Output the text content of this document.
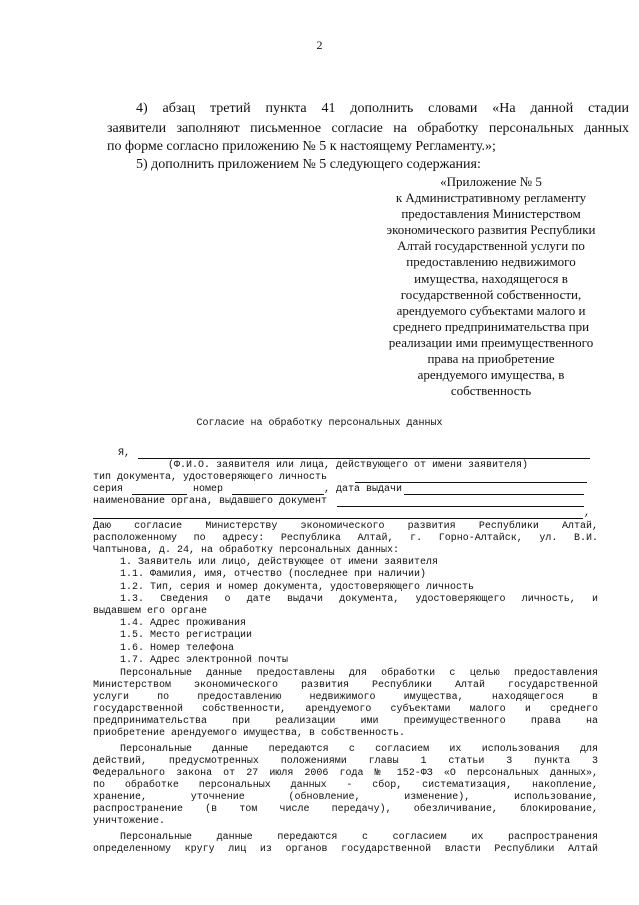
2
4) абзац третий пункта 41 дополнить словами «На данной стадии
заявители заполняют письменное согласие на обработку персональных данных
по форме согласно приложению № 5 к настоящему Регламенту.»;
5) дополнить приложением № 5 следующего содержания:
«Приложение № 5
к Административному регламенту
предоставления Министерством
экономического развития Республики
Алтай государственной услуги по
предоставлению недвижимого
имущества, находящегося в
государственной собственности,
арендуемого субъектами малого и
среднего предпринимательства при
реализации ими преимущественного
права на приобретение
арендуемого имущества, в
собственность
Согласие на обработку персональных данных
Я,
(Ф.И.О. заявителя или лица, действующего от имени заявителя)
тип документа, удостоверяющего личность
серия	номер	, дата выдачи
наименование органа, выдавшего документ
,
Даю согласие Министерству экономического развития Республики Алтай,
расположенному по адресу: Республика Алтай, г. Горно-Алтайск, ул. В.И.
Чаптынова, д. 24, на обработку персональных данных:
1. Заявитель или лицо, действующее от имени заявителя
1.1. Фамилия, имя, отчество (последнее при наличии)
1.2. Тип, серия и номер документа, удостоверяющего личность
1.3. Сведения о дате выдачи документа, удостоверяющего личность, и
выдавшем его органе
1.4. Адрес проживания
1.5. Место регистрации
1.6. Номер телефона
1.7. Адрес электронной почты
Персональные данные предоставлены для обработки с целью предоставления
Министерством экономического развития Республики Алтай государственной
услуги по предоставлению недвижимого имущества, находящегося в
государственной собственности, арендуемого субъектами малого и среднего
предпринимательства при реализации ими преимущественного права на
приобретение арендуемого имущества, в собственность.
Персональные данные передаются с согласием их использования для
действий, предусмотренных положениями главы 1 статьи 3 пункта 3
Федерального закона от 27 июля 2006 года № 152-ФЗ «О персональных данных»,
по обработке персональных данных - сбор, систематизация, накопление,
хранение, уточнение (обновление, изменение), использование,
распространение (в том числе передачу), обезличивание, блокирование,
уничтожение.
Персональные данные передаются с согласием их распространения
определенному кругу лиц из органов государственной власти Республики Алтай
